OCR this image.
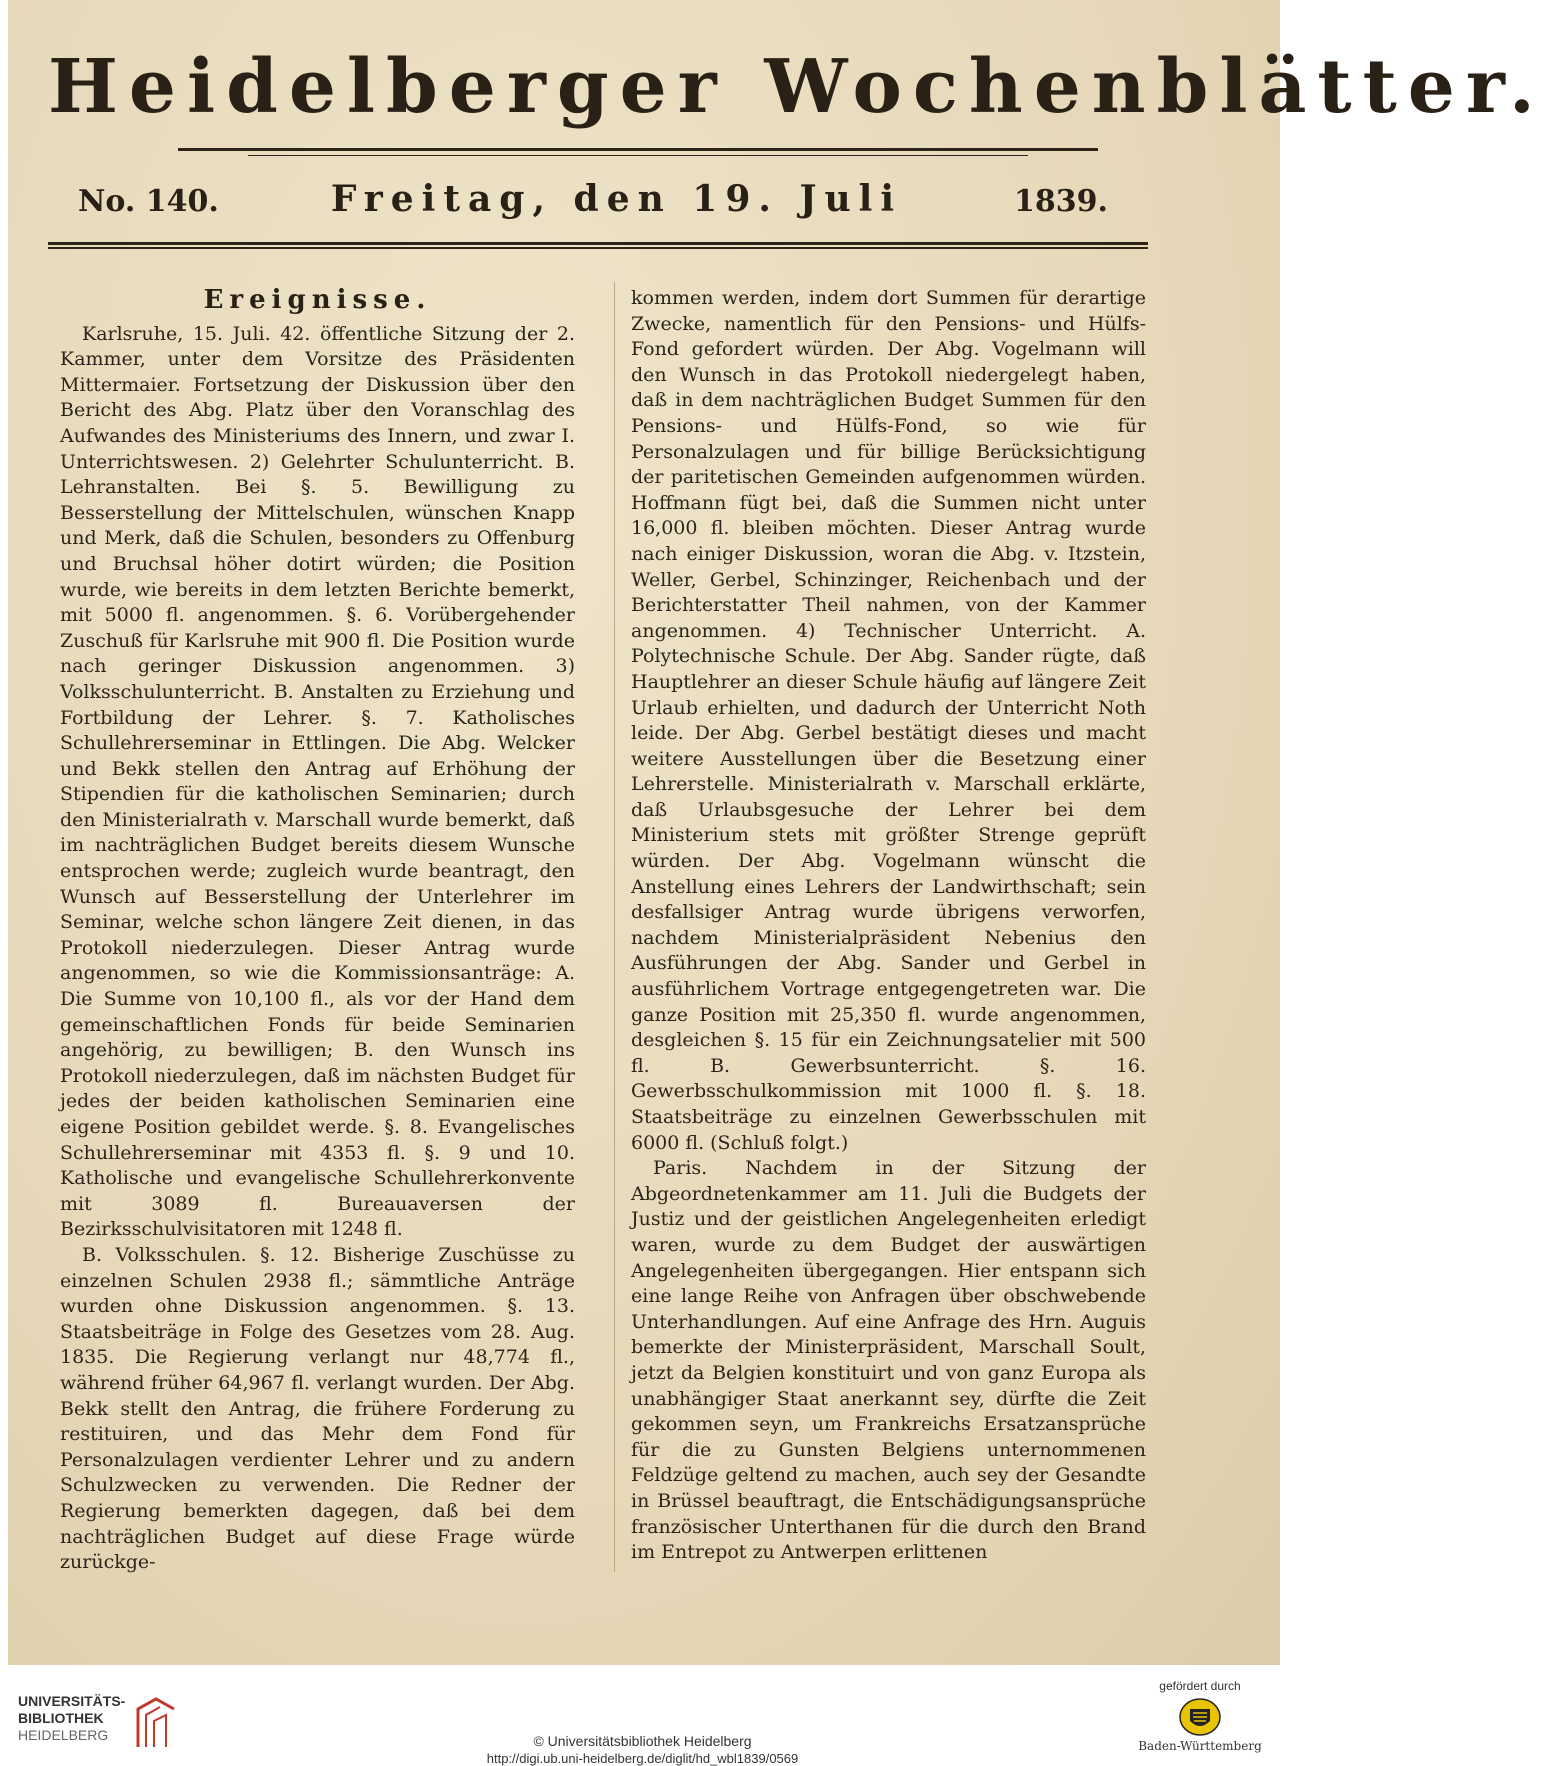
Heidelberger Wochenblätter.
No. 140.	Freitag, den 19. Juli	1839.
Ereignisse.

Karlsruhe, 15. Juli. 42. öffentliche Sitzung der 2. Kammer, unter dem Vorsitze des Präsidenten Mittermaier. Fortsetzung der Diskussion über den Bericht des Abg. Platz über den Voranschlag des Aufwandes des Ministeriums des Innern, und zwar I. Unterrichtswesen. 2) Gelehrter Schulunterricht. B. Lehranstalten. Bei §. 5. Bewilligung zu Besserstellung der Mittelschulen, wünschen Knapp und Merk, daß die Schulen, besonders zu Offenburg und Bruchsal höher dotirt würden; die Position wurde, wie bereits in dem letzten Berichte bemerkt, mit 5000 fl. angenommen. §. 6. Vorübergehender Zuschuß für Karlsruhe mit 900 fl. Die Position wurde nach geringer Diskussion angenommen. 3) Volksschulunterricht. B. Anstalten zu Erziehung und Fortbildung der Lehrer. §. 7. Katholisches Schullehrerseminar in Ettlingen. Die Abg. Welcker und Bekk stellen den Antrag auf Erhöhung der Stipendien für die katholischen Seminarien; durch den Ministerialrath v. Marschall wurde bemerkt, daß im nachträglichen Budget bereits diesem Wunsche entsprochen werde; zugleich wurde beantragt, den Wunsch auf Besserstellung der Unterlehrer im Seminar, welche schon längere Zeit dienen, in das Protokoll niederzulegen. Dieser Antrag wurde angenommen, so wie die Kommissionsanträge: A. Die Summe von 10,100 fl., als vor der Hand dem gemeinschaftlichen Fonds für beide Seminarien angehörig, zu bewilligen; B. den Wunsch ins Protokoll niederzulegen, daß im nächsten Budget für jedes der beiden katholischen Seminarien eine eigene Position gebildet werde. §. 8. Evangelisches Schullehrerseminar mit 4353 fl. §. 9 und 10. Katholische und evangelische Schullehrerkonvente mit 3089 fl. Bureauaversen der Bezirksschulvisitatoren mit 1248 fl.

B. Volksschulen. §. 12. Bisherige Zuschüsse zu einzelnen Schulen 2938 fl.; sämmtliche Anträge wurden ohne Diskussion angenommen. §. 13. Staatsbeiträge in Folge des Gesetzes vom 28. Aug. 1835. Die Regierung verlangt nur 48,774 fl., während früher 64,967 fl. verlangt wurden. Der Abg. Bekk stellt den Antrag, die frühere Forderung zu restituiren, und das Mehr dem Fond für Personalzulagen verdienter Lehrer und zu andern Schulzwecken zu verwenden. Die Redner der Regierung bemerkten dagegen, daß bei dem nachträglichen Budget auf diese Frage würde zurückge-

kommen werden, indem dort Summen für derartige Zwecke, namentlich für den Pensions- und Hülfs-Fond gefordert würden. Der Abg. Vogelmann will den Wunsch in das Protokoll niedergelegt haben, daß in dem nachträglichen Budget Summen für den Pensions- und Hülfs-Fond, so wie für Personalzulagen und für billige Berücksichtigung der paritetischen Gemeinden aufgenommen würden. Hoffmann fügt bei, daß die Summen nicht unter 16,000 fl. bleiben möchten. Dieser Antrag wurde nach einiger Diskussion, woran die Abg. v. Itzstein, Weller, Gerbel, Schinzinger, Reichenbach und der Berichterstatter Theil nahmen, von der Kammer angenommen. 4) Technischer Unterricht. A. Polytechnische Schule. Der Abg. Sander rügte, daß Hauptlehrer an dieser Schule häufig auf längere Zeit Urlaub erhielten, und dadurch der Unterricht Noth leide. Der Abg. Gerbel bestätigt dieses und macht weitere Ausstellungen über die Besetzung einer Lehrerstelle. Ministerialrath v. Marschall erklärte, daß Urlaubsgesuche der Lehrer bei dem Ministerium stets mit größter Strenge geprüft würden. Der Abg. Vogelmann wünscht die Anstellung eines Lehrers der Landwirthschaft; sein desfallsiger Antrag wurde übrigens verworfen, nachdem Ministerialpräsident Nebenius den Ausführungen der Abg. Sander und Gerbel in ausführlichem Vortrage entgegengetreten war. Die ganze Position mit 25,350 fl. wurde angenommen, desgleichen §. 15 für ein Zeichnungsatelier mit 500 fl. B. Gewerbsunterricht. §. 16. Gewerbsschulkommission mit 1000 fl. §. 18. Staatsbeiträge zu einzelnen Gewerbsschulen mit 6000 fl. (Schluß folgt.)

Paris. Nachdem in der Sitzung der Abgeordnetenkammer am 11. Juli die Budgets der Justiz und der geistlichen Angelegenheiten erledigt waren, wurde zu dem Budget der auswärtigen Angelegenheiten übergegangen. Hier entspann sich eine lange Reihe von Anfragen über obschwebende Unterhandlungen. Auf eine Anfrage des Hrn. Auguis bemerkte der Ministerpräsident, Marschall Soult, jetzt da Belgien konstituirt und von ganz Europa als unabhängiger Staat anerkannt sey, dürfte die Zeit gekommen seyn, um Frankreichs Ersatzansprüche für die zu Gunsten Belgiens unternommenen Feldzüge geltend zu machen, auch sey der Gesandte in Brüssel beauftragt, die Entschädigungsansprüche französischer Unterthanen für die durch den Brand im Entrepot zu Antwerpen erlittenen

UNIVERSITÄTS-
BIBLIOTHEK
HEIDELBERG	© Universitätsbibliothek Heidelberg
http://digi.ub.uni-heidelberg.de/diglit/hd_wbl1839/0569
gefördert durch
Baden-Württemberg
